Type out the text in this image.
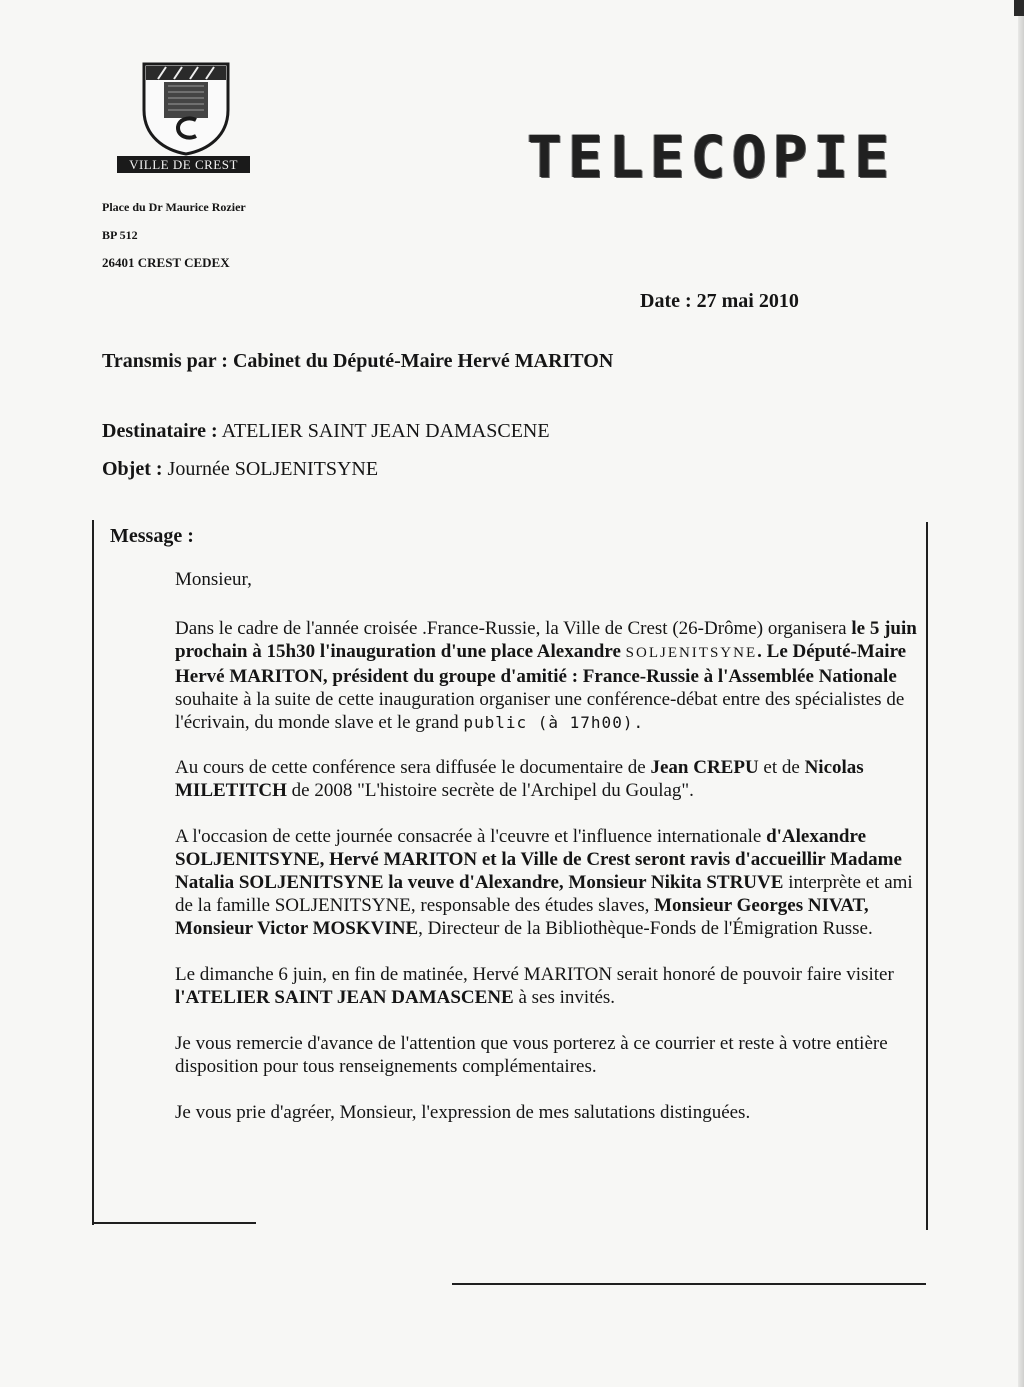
VILLE DE CREST
Place du Dr Maurice Rozier
BP 512
26401 CREST CEDEX
TELECOPIE
Date : 27 mai 2010
Transmis par : Cabinet du Député-Maire Hervé MARITON
Destinataire : ATELIER SAINT JEAN DAMASCENE
Objet : Journée SOLJENITSYNE
Message :
Monsieur,
Dans le cadre de l'année croisée .France-Russie, la Ville de Crest (26-Drôme) organisera le 5 juin prochain à 15h30 l'inauguration d'une place Alexandre SOLJENITSYNE. Le Député-Maire Hervé MARITON, président du groupe d'amitié : France-Russie à l'Assemblée Nationale souhaite à la suite de cette inauguration organiser une conférence-débat entre des spécialistes de l'écrivain, du monde slave et le grand public (à 17h00).
Au cours de cette conférence sera diffusée le documentaire de Jean CREPU et de Nicolas MILETITCH de 2008 "L'histoire secrète de l'Archipel du Goulag".
A l'occasion de cette journée consacrée à l'ceuvre et l'influence internationale d'Alexandre SOLJENITSYNE, Hervé MARITON et la Ville de Crest seront ravis d'accueillir Madame Natalia SOLJENITSYNE la veuve d'Alexandre, Monsieur Nikita STRUVE interprète et ami de la famille SOLJENITSYNE, responsable des études slaves, Monsieur Georges NIVAT, Monsieur Victor MOSKVINE, Directeur de la Bibliothèque-Fonds de l'Émigration Russe.
Le dimanche 6 juin, en fin de matinée, Hervé MARITON serait honoré de pouvoir faire visiter l'ATELIER SAINT JEAN DAMASCENE à ses invités.
Je vous remercie d'avance de l'attention que vous porterez à ce courrier et reste à votre entière disposition pour tous renseignements complémentaires.
Je vous prie d'agréer, Monsieur, l'expression de mes salutations distinguées.
